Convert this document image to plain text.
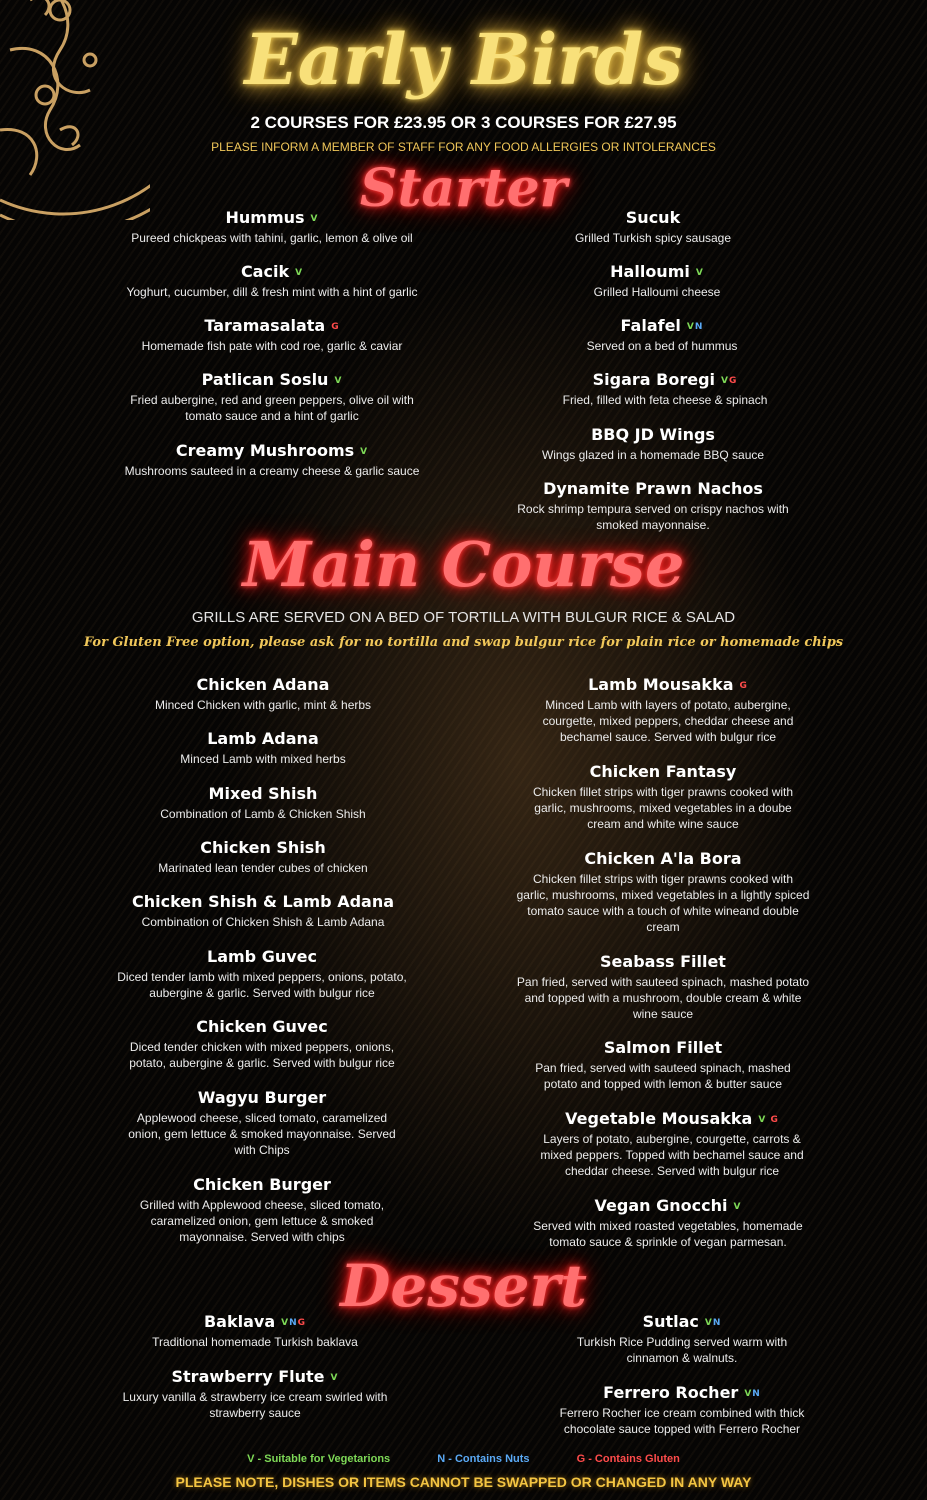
Early Birds

2 COURSES FOR £23.95 OR 3 COURSES FOR £27.95

PLEASE INFORM A MEMBER OF STAFF FOR ANY FOOD ALLERGIES OR INTOLERANCES

Starter
Hummus V
Pureed chickpeas with tahini, garlic, lemon & olive oil
Cacik V
Yoghurt, cucumber, dill & fresh mint with a hint of garlic
Taramasalata G
Homemade fish pate with cod roe, garlic & caviar
Patlican Soslu V
Fried aubergine, red and green peppers, olive oil with tomato sauce and a hint of garlic
Creamy Mushrooms V
Mushrooms sauteed in a creamy cheese & garlic sauce
Sucuk
Grilled Turkish spicy sausage
Halloumi V
Grilled Halloumi cheese
Falafel VN
Served on a bed of hummus
Sigara Boregi VG
Fried, filled with feta cheese & spinach
BBQ JD Wings
Wings glazed in a homemade BBQ sauce
Dynamite Prawn Nachos
Rock shrimp tempura served on crispy nachos with smoked mayonnaise.
Main Course

GRILLS ARE SERVED ON A BED OF TORTILLA WITH BULGUR RICE & SALAD

For Gluten Free option, please ask for no tortilla and swap bulgur rice for plain rice or homemade chips

Chicken Adana
Minced Chicken with garlic, mint & herbs
Lamb Adana
Minced Lamb with mixed herbs
Mixed Shish
Combination of Lamb & Chicken Shish
Chicken Shish
Marinated lean tender cubes of chicken
Chicken Shish & Lamb Adana
Combination of Chicken Shish & Lamb Adana
Lamb Guvec
Diced tender lamb with mixed peppers, onions, potato, aubergine & garlic. Served with bulgur rice
Chicken Guvec
Diced tender chicken with mixed peppers, onions, potato, aubergine & garlic. Served with bulgur rice
Wagyu Burger
Applewood cheese, sliced tomato, caramelized onion, gem lettuce & smoked mayonnaise. Served with Chips
Chicken Burger
Grilled with Applewood cheese, sliced tomato, caramelized onion, gem lettuce & smoked mayonnaise. Served with chips
Lamb Mousakka G
Minced Lamb with layers of potato, aubergine, courgette, mixed peppers, cheddar cheese and bechamel sauce. Served with bulgur rice
Chicken Fantasy
Chicken fillet strips with tiger prawns cooked with garlic, mushrooms, mixed vegetables in a doube cream and white wine sauce
Chicken A'la Bora
Chicken fillet strips with tiger prawns cooked with garlic, mushrooms, mixed vegetables in a lightly spiced tomato sauce with a touch of white wineand double cream
Seabass Fillet
Pan fried, served with sauteed spinach, mashed potato and topped with a mushroom, double cream & white wine sauce
Salmon Fillet
Pan fried, served with sauteed spinach, mashed potato and topped with lemon & butter sauce
Vegetable Mousakka V G
Layers of potato, aubergine, courgette, carrots & mixed peppers. Topped with bechamel sauce and cheddar cheese. Served with bulgur rice
Vegan Gnocchi V
Served with mixed roasted vegetables, homemade tomato sauce & sprinkle of vegan parmesan.
Dessert
Baklava VNG
Traditional homemade Turkish baklava
Strawberry Flute V
Luxury vanilla & strawberry ice cream swirled with strawberry sauce
Sutlac VN
Turkish Rice Pudding served warm with cinnamon & walnuts.
Ferrero Rocher VN
Ferrero Rocher ice cream combined with thick chocolate sauce topped with Ferrero Rocher
V - Suitable for Vegetarions	N - Contains Nuts	G - Contains Gluten

PLEASE NOTE, DISHES OR ITEMS CANNOT BE SWAPPED OR CHANGED IN ANY WAY
